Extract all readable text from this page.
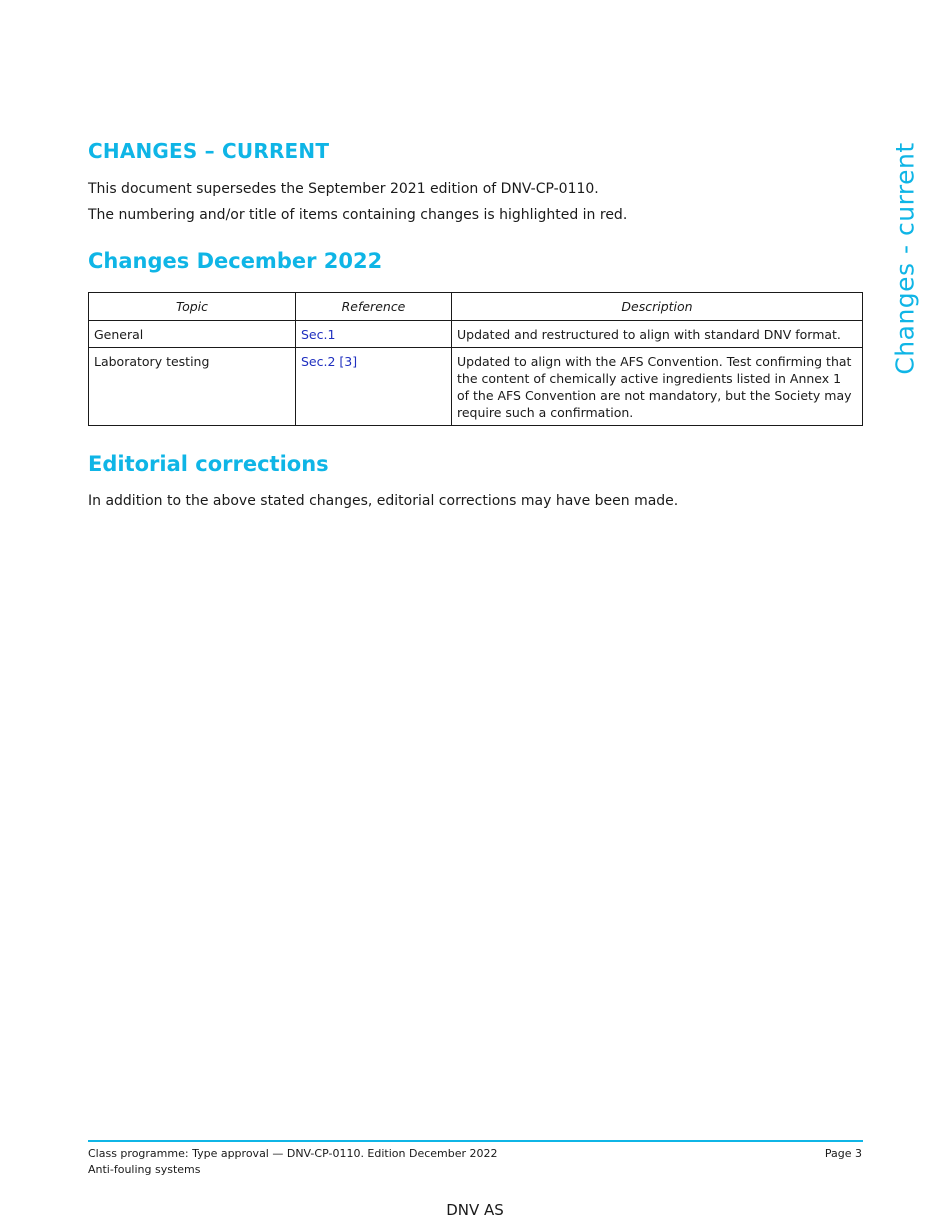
CHANGES – CURRENT

This document supersedes the September 2021 edition of DNV-CP-0110.

The numbering and/or title of items containing changes is highlighted in red.

Changes December 2022
Topic	Reference	Description
General	Sec.1	Updated and restructured to align with standard DNV format.
Laboratory testing	Sec.2 [3]	Updated to align with the AFS Convention. Test confirming that the content of chemically active ingredients listed in Annex 1 of the AFS Convention are not mandatory, but the Society may require such a confirmation.
Editorial corrections

In addition to the above stated changes, editorial corrections may have been made.

Changes - current
Class programme: Type approval — DNV-CP-0110. Edition December 2022
Anti-fouling systems
Page 3
DNV AS
